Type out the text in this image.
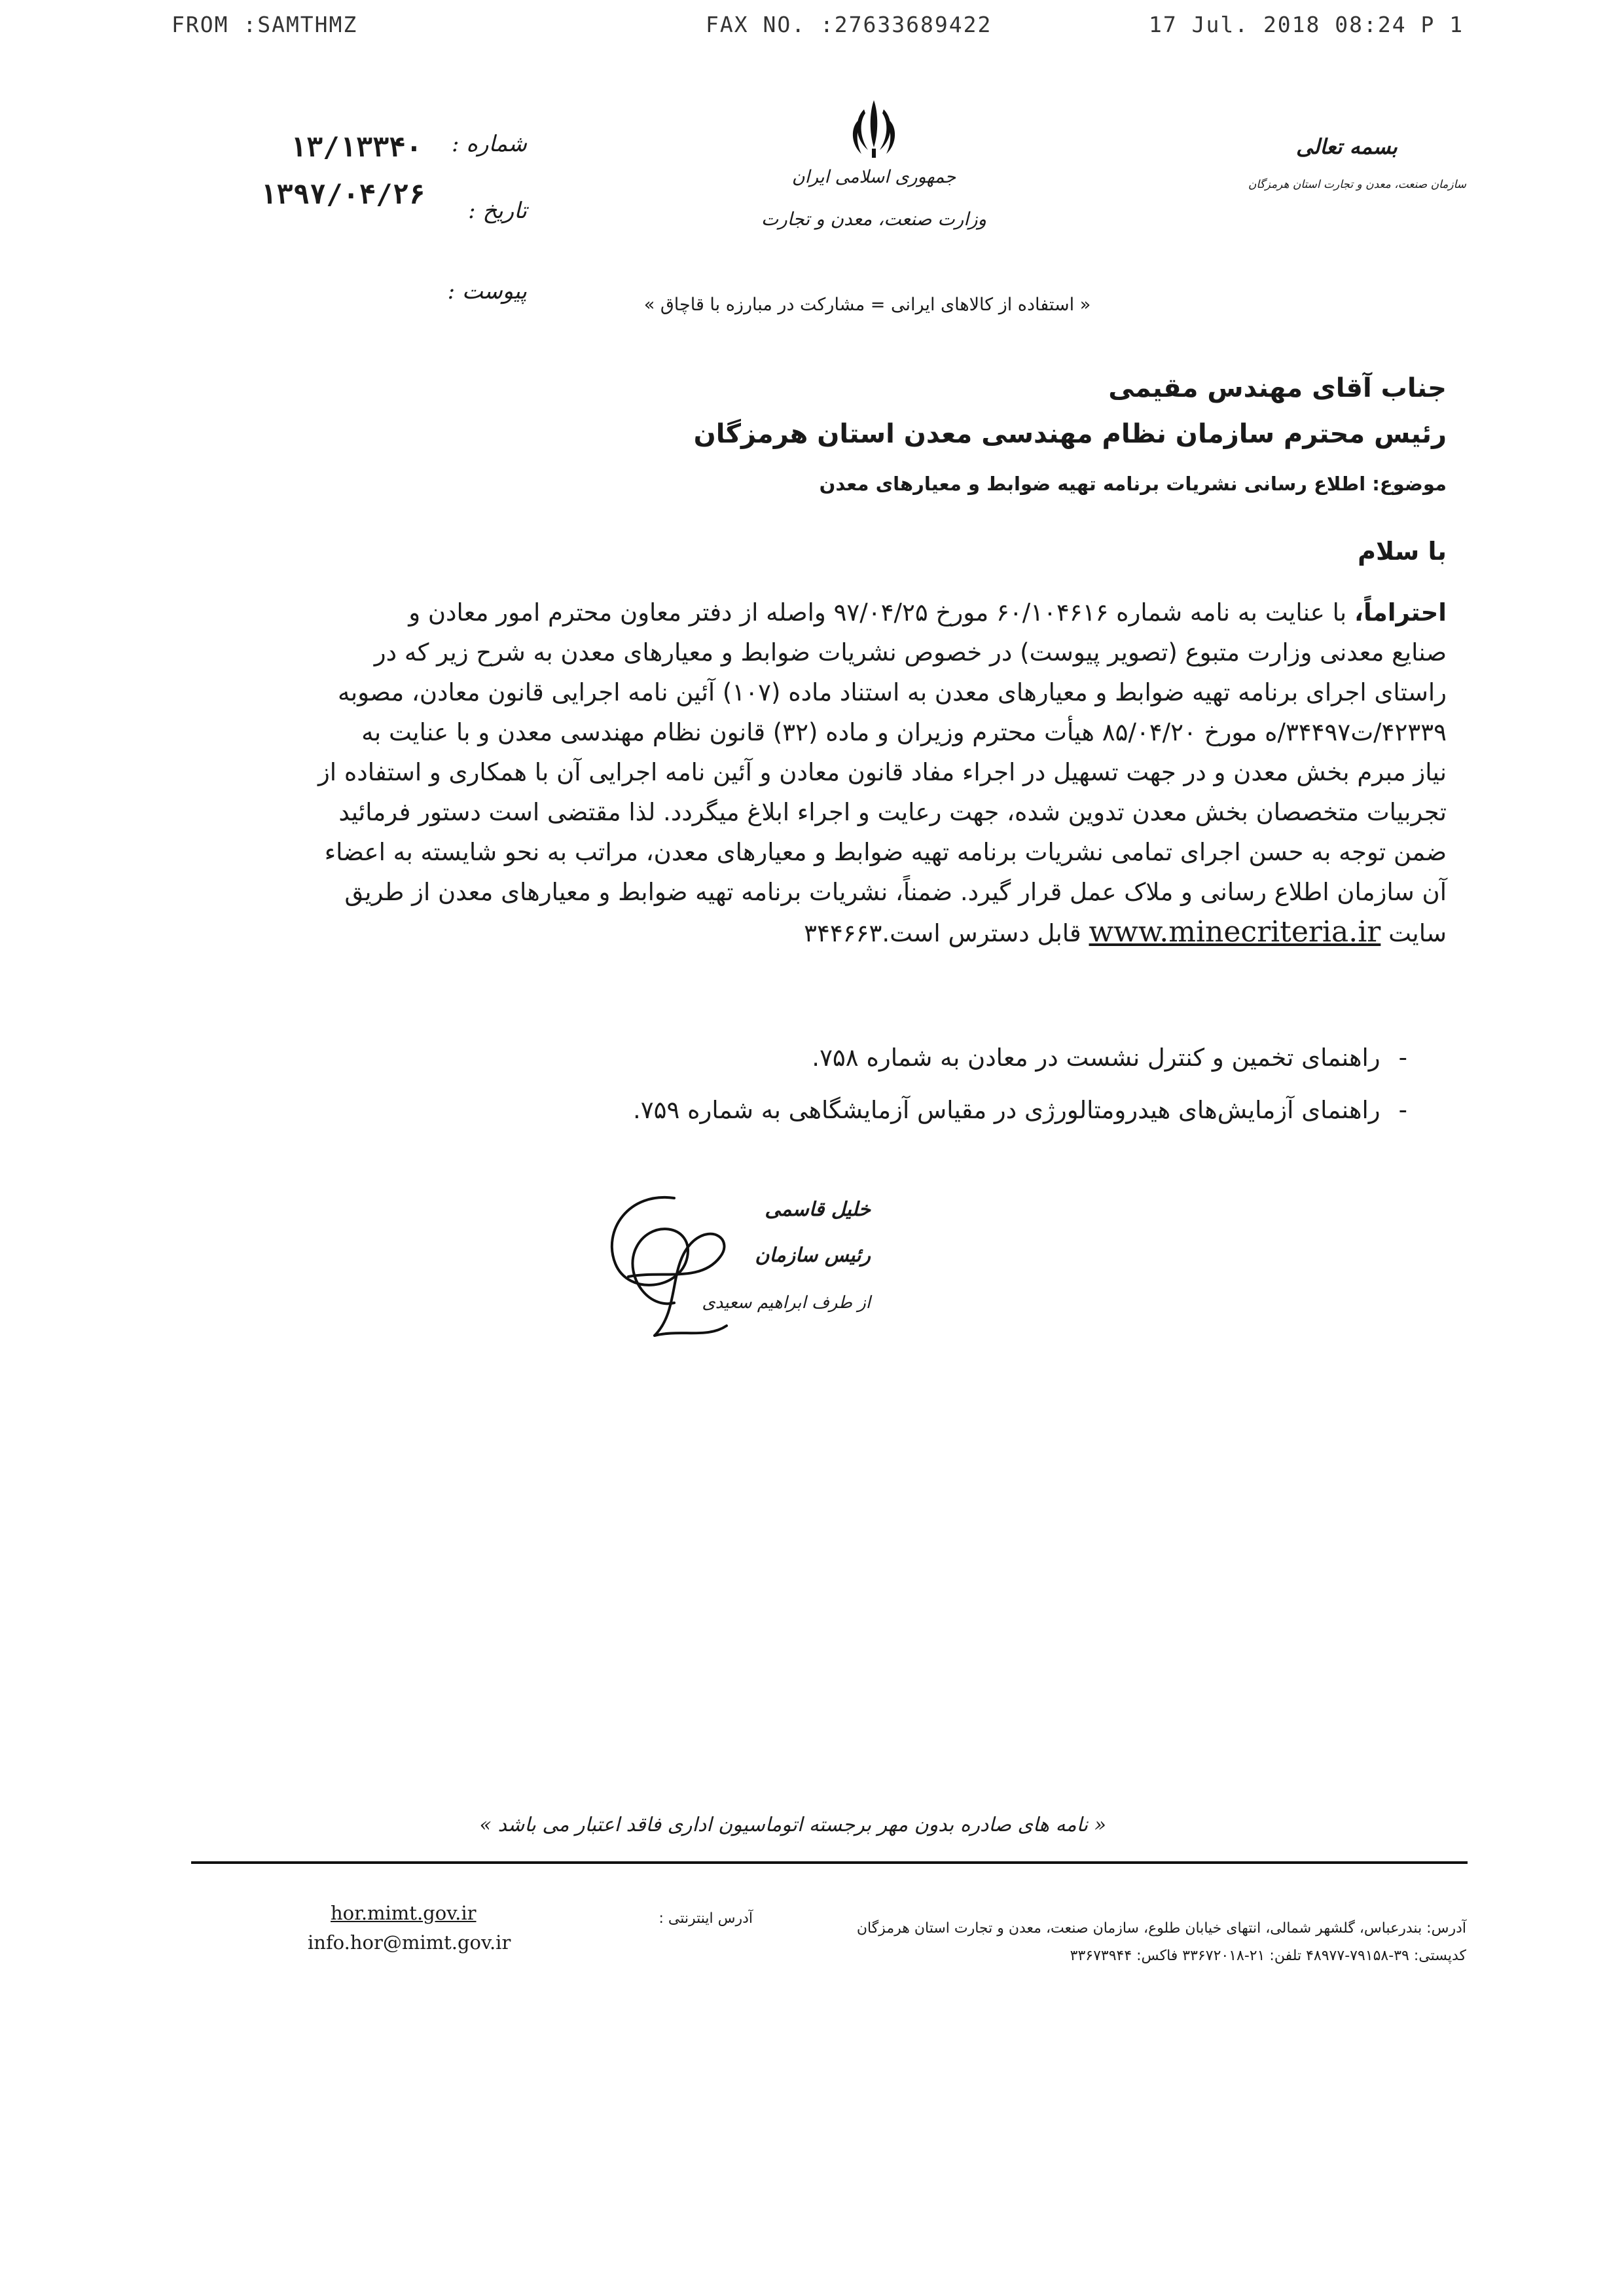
FROM :SAMTHMZ	FAX NO. :27633689422	17 Jul. 2018 08:24 P 1
جمهوری اسلامی ایران
وزارت صنعت، معدن و تجارت
بسمه تعالی
سازمان صنعت، معدن و تجارت استان هرمزگان
شماره :
۱۳/۱۳۳۴۰
تاریخ :
۱۳۹۷/۰۴/۲۶
پیوست :
« استفاده از کالاهای ایرانی = مشارکت در مبارزه با قاچاق »
جناب آقای مهندس مقیمی
رئیس محترم سازمان نظام مهندسی معدن استان هرمزگان
موضوع: اطلاع رسانی نشریات برنامه تهیه ضوابط و معیارهای معدن
با سلام
احتراماً، با عنایت به نامه شماره ۶۰/۱۰۴۶۱۶ مورخ ۹۷/۰۴/۲۵ واصله از دفتر معاون محترم امور معادن و
صنایع معدنی وزارت متبوع (تصویر پیوست) در خصوص نشریات ضوابط و معیارهای معدن به شرح زیر که در
راستای اجرای برنامه تهیه ضوابط و معیارهای معدن به استناد ماده (۱۰۷) آئین نامه اجرایی قانون معادن، مصوبه
۴۲۳۳۹/ت۳۴۴۹۷/ه مورخ ۸۵/۰۴/۲۰ هیأت محترم وزیران و ماده (۳۲) قانون نظام مهندسی معدن و با عنایت به
نیاز مبرم بخش معدن و در جهت تسهیل در اجراء مفاد قانون معادن و آئین نامه اجرایی آن با همکاری و استفاده از
تجربیات متخصصان بخش معدن تدوین شده، جهت رعایت و اجراء ابلاغ میگردد. لذا مقتضی است دستور فرمائید
ضمن توجه به حسن اجرای تمامی نشریات برنامه تهیه ضوابط و معیارهای معدن، مراتب به نحو شایسته به اعضاء
آن سازمان اطلاع رسانی و ملاک عمل قرار گیرد. ضمناً، نشریات برنامه تهیه ضوابط و معیارهای معدن از طریق
سایت www.minecriteria.ir قابل دسترس است.۳۴۴۶۶۳
-راهنمای تخمین و کنترل نشست در معادن به شماره ۷۵۸.
-راهنمای آزمایش‌های هیدرومتالورژی در مقیاس آزمایشگاهی به شماره ۷۵۹.
خلیل قاسمی
رئیس سازمان
از طرف ابراهیم سعیدی
« نامه های صادره بدون مهر برجسته اتوماسیون اداری فاقد اعتبار می باشد »
آدرس: بندرعباس، گلشهر شمالی، انتهای خیابان طلوع، سازمان صنعت، معدن و تجارت استان هرمزگان
کدپستی: ۳۹-۷۹۱۵۸-۴۸۹۷۷ تلفن: ۲۱-۳۳۶۷۲۰۱۸ فاکس: ۳۳۶۷۳۹۴۴
آدرس اینترنتی :
hor.mimt.gov.ir
info.hor@mimt.gov.ir
